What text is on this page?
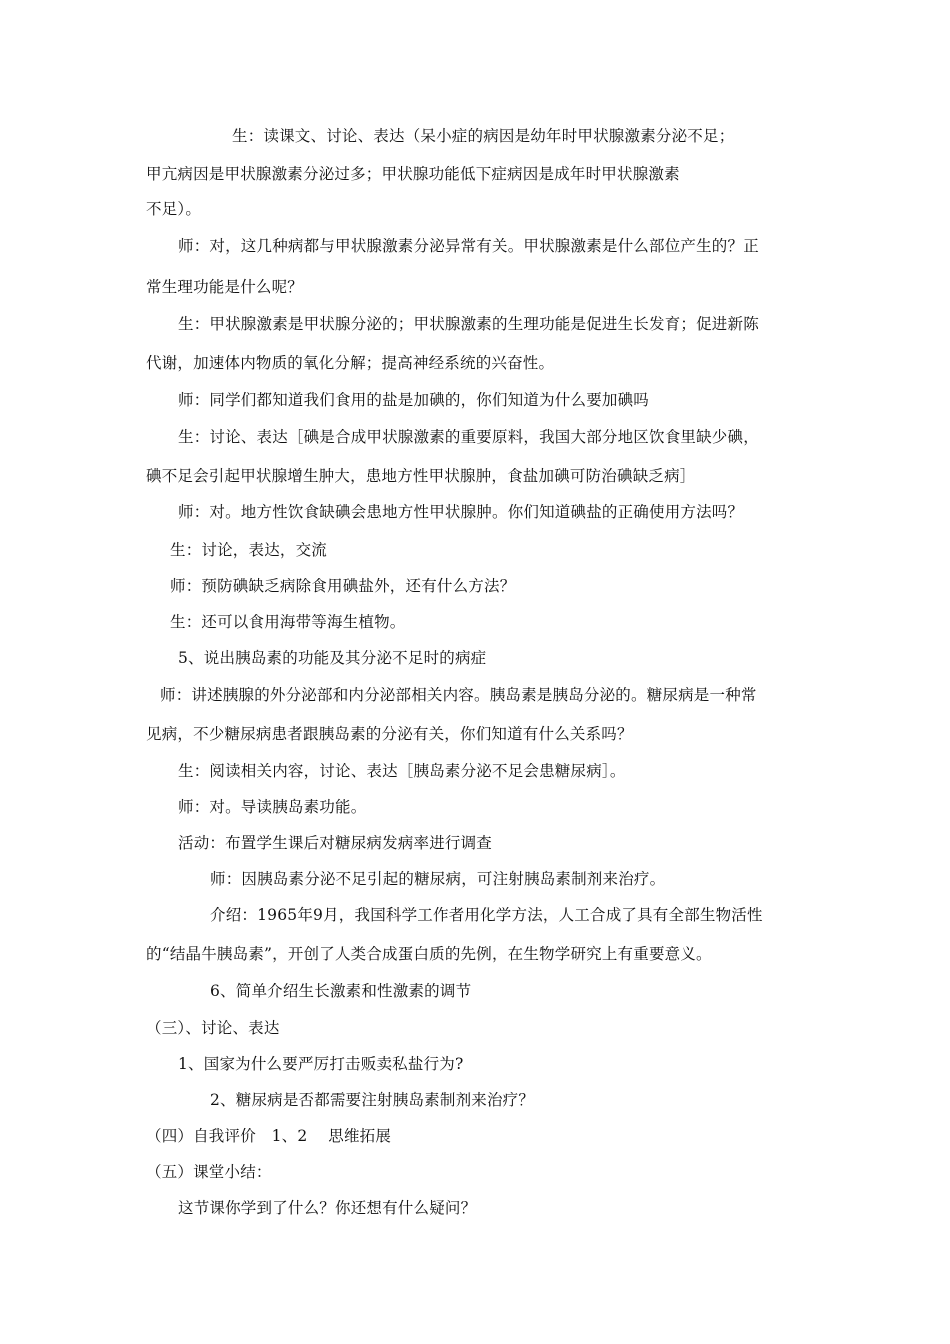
生：读课文、讨论、表达（呆小症的病因是幼年时甲状腺激素分泌不足；
甲亢病因是甲状腺激素分泌过多；甲状腺功能低下症病因是成年时甲状腺激素
不足）。
师：对，这几种病都与甲状腺激素分泌异常有关。甲状腺激素是什么部位产生的？正
常生理功能是什么呢？
生：甲状腺激素是甲状腺分泌的；甲状腺激素的生理功能是促进生长发育；促进新陈
代谢，加速体内物质的氧化分解；提高神经系统的兴奋性。
师：同学们都知道我们食用的盐是加碘的，你们知道为什么要加碘吗
生：讨论、表达［碘是合成甲状腺激素的重要原料，我国大部分地区饮食里缺少碘，
碘不足会引起甲状腺增生肿大，患地方性甲状腺肿，食盐加碘可防治碘缺乏病］
师：对。地方性饮食缺碘会患地方性甲状腺肿。你们知道碘盐的正确使用方法吗？
生：讨论，表达，交流
师：预防碘缺乏病除食用碘盐外，还有什么方法？
生：还可以食用海带等海生植物。
5、说出胰岛素的功能及其分泌不足时的病症
师：讲述胰腺的外分泌部和内分泌部相关内容。胰岛素是胰岛分泌的。糖尿病是一种常
见病，不少糖尿病患者跟胰岛素的分泌有关，你们知道有什么关系吗？
生：阅读相关内容，讨论、表达［胰岛素分泌不足会患糖尿病］。
师：对。导读胰岛素功能。
活动：布置学生课后对糖尿病发病率进行调查
师：因胰岛素分泌不足引起的糖尿病，可注射胰岛素制剂来治疗。
介绍：1965年9月，我国科学工作者用化学方法，人工合成了具有全部生物活性
的“结晶牛胰岛素”，开创了人类合成蛋白质的先例，在生物学研究上有重要意义。
6、简单介绍生长激素和性激素的调节
（三）、讨论、表达
1、国家为什么要严厉打击贩卖私盐行为?
2、糖尿病是否都需要注射胰岛素制剂来治疗？
（四）自我评价　1、2　 思维拓展
（五）课堂小结：
这节课你学到了什么？你还想有什么疑问？
